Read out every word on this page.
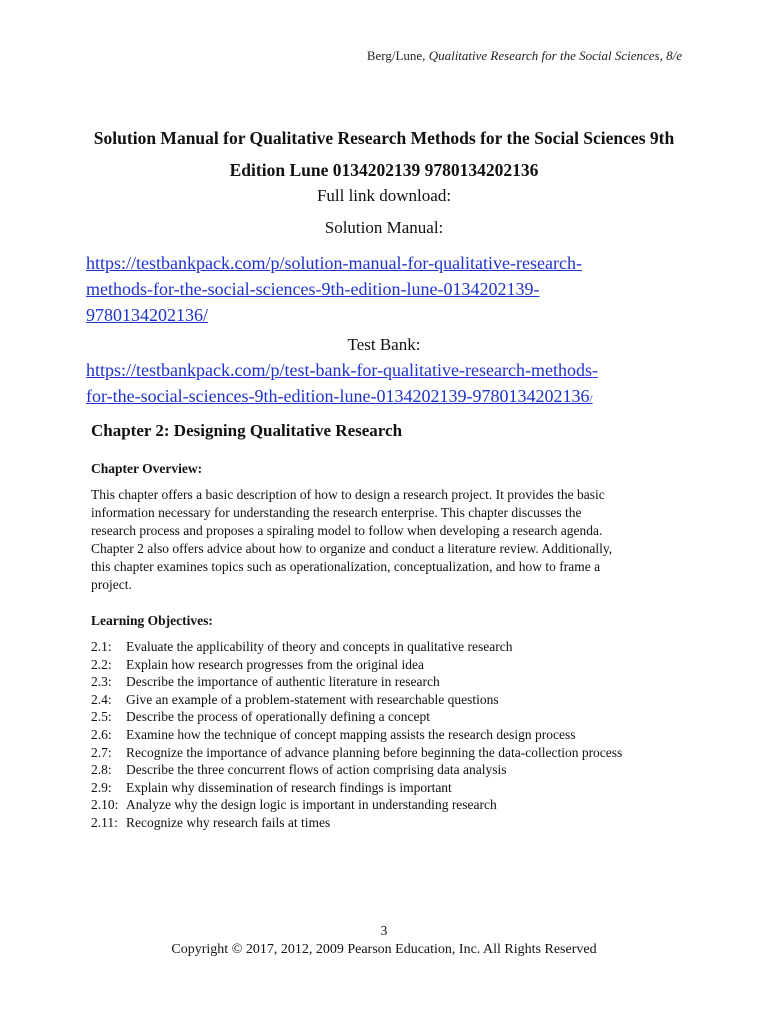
Berg/Lune, Qualitative Research for the Social Sciences, 8/e
Solution Manual for Qualitative Research Methods for the Social Sciences 9th
Edition Lune 0134202139 9780134202136
Full link download:
Solution Manual:
https://testbankpack.com/p/solution-manual-for-qualitative-research-
methods-for-the-social-sciences-9th-edition-lune-0134202139-
9780134202136/
Test Bank:
https://testbankpack.com/p/test-bank-for-qualitative-research-methods-
for-the-social-sciences-9th-edition-lune-0134202139-9780134202136/
Chapter 2: Designing Qualitative Research
Chapter Overview:
This chapter offers a basic description of how to design a research project. It provides the basic
information necessary for understanding the research enterprise. This chapter discusses the
research process and proposes a spiraling model to follow when developing a research agenda.
Chapter 2 also offers advice about how to organize and conduct a literature review. Additionally,
this chapter examines topics such as operationalization, conceptualization, and how to frame a
project.
Learning Objectives:
2.1:	Evaluate the applicability of theory and concepts in qualitative research
2.2:	Explain how research progresses from the original idea
2.3:	Describe the importance of authentic literature in research
2.4:	Give an example of a problem-statement with researchable questions
2.5:	Describe the process of operationally defining a concept
2.6:	Examine how the technique of concept mapping assists the research design process
2.7:	Recognize the importance of advance planning before beginning the data-collection process
2.8:	Describe the three concurrent flows of action comprising data analysis
2.9:	Explain why dissemination of research findings is important
2.10: Analyze why the design logic is important in understanding research
2.11: Recognize why research fails at times
3
Copyright © 2017, 2012, 2009 Pearson Education, Inc. All Rights Reserved
